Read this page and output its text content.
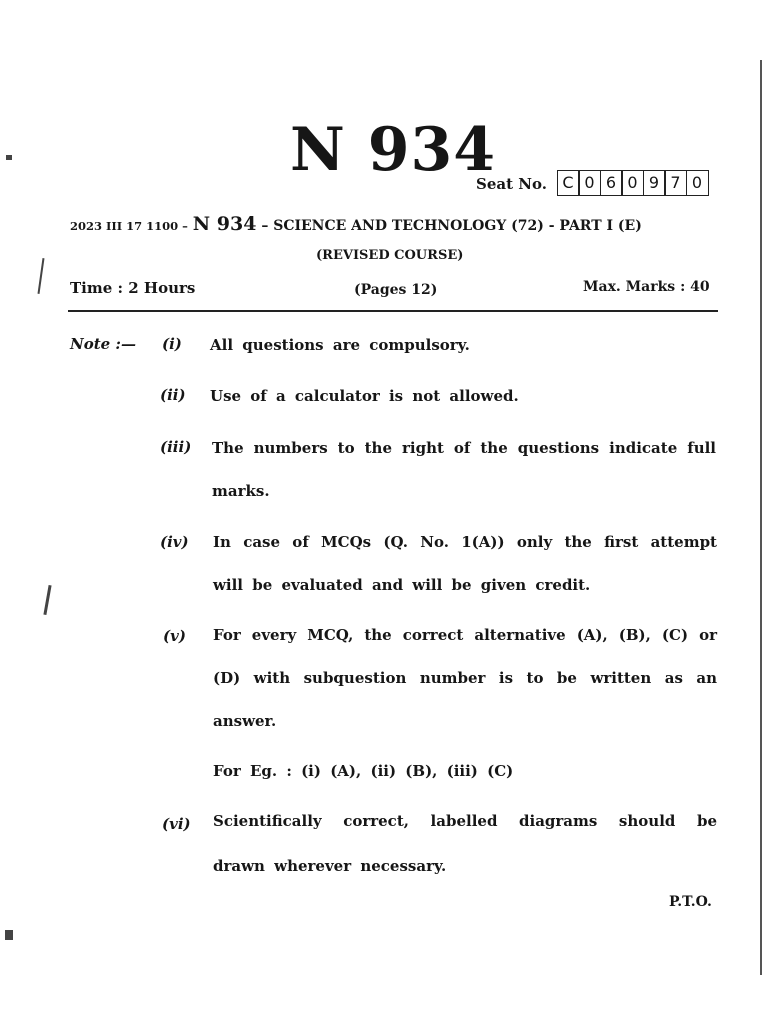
N 934
Seat No. C 0 6 0 9 7 0
2023 III 17 1100 – N 934 – SCIENCE AND TECHNOLOGY (72) - PART I (E)
(REVISED COURSE)
Time : 2 Hours	(Pages 12)	Max. Marks : 40
Note :— (i) All questions are compulsory.
(ii) Use of a calculator is not allowed.
(iii) The numbers to the right of the questions indicate full
marks.
(iv) In case of MCQs (Q. No. 1(A)) only the first attempt
will be evaluated and will be given credit.
(v) For every MCQ, the correct alternative (A), (B), (C) or
(D) with subquestion number is to be written as an
answer.
For Eg. : (i) (A), (ii) (B), (iii) (C)
(vi) Scientifically correct, labelled diagrams should be
drawn wherever necessary.
P.T.O.
